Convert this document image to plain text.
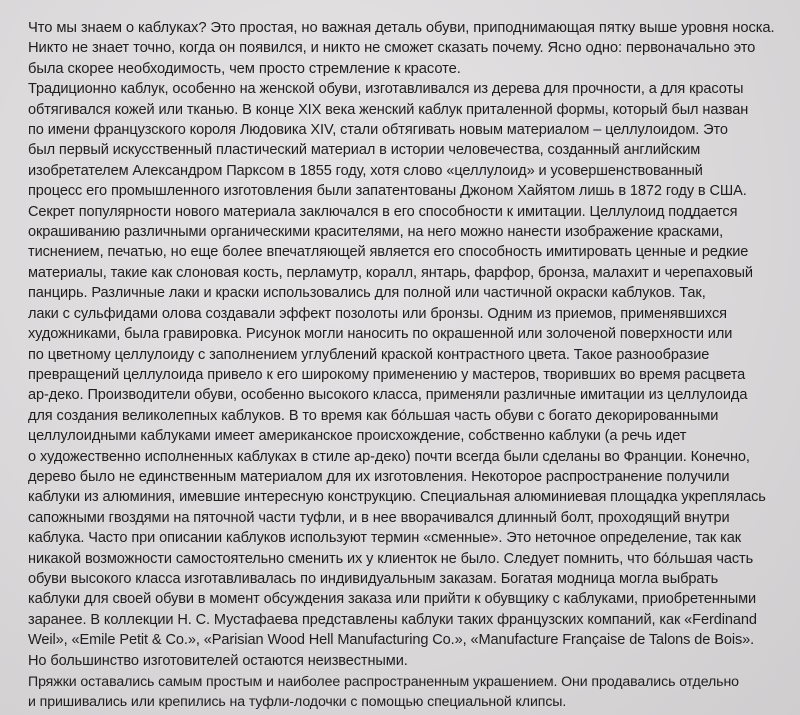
Что мы знаем о каблуках? Это простая, но важная деталь обуви, приподнимающая пятку выше уровня носка.
Никто не знает точно, когда он появился, и никто не сможет сказать почему. Ясно одно: первоначально это
была скорее необходимость, чем просто стремление к красоте.
Традиционно каблук, особенно на женской обуви, изготавливался из дерева для прочности, а для красоты
обтягивался кожей или тканью. В конце XIX века женский каблук приталенной формы, который был назван
по имени французского короля Людовика XIV, стали обтягивать новым материалом – целлулоидом. Это
был первый искусственный пластический материал в истории человечества, созданный английским
изобретателем Александром Парксом в 1855 году, хотя слово «целлулоид» и усовершенствованный
процесс его промышленного изготовления были запатентованы Джоном Хайятом лишь в 1872 году в США.
Секрет популярности нового материала заключался в его способности к имитации. Целлулоид поддается
окрашиванию различными органическими красителями, на него можно нанести изображение красками,
тиснением, печатью, но еще более впечатляющей является его способность имитировать ценные и редкие
материалы, такие как слоновая кость, перламутр, коралл, янтарь, фарфор, бронза, малахит и черепаховый
панцирь. Различные лаки и краски использовались для полной или частичной окраски каблуков. Так,
лаки с сульфидами олова создавали эффект позолоты или бронзы. Одним из приемов, применявшихся
художниками, была гравировка. Рисунок могли наносить по окрашенной или золоченой поверхности или
по цветному целлулоиду с заполнением углублений краской контрастного цвета. Такое разнообразие
превращений целлулоида привело к его широкому применению у мастеров, творивших во время расцвета
ар-деко. Производители обуви, особенно высокого класса, применяли различные имитации из целлулоида
для создания великолепных каблуков. В то время как бо́льшая часть обуви с богато декорированными
целлулоидными каблуками имеет американское происхождение, собственно каблуки (а речь идет
о художественно исполненных каблуках в стиле ар-деко) почти всегда были сделаны во Франции. Конечно,
дерево было не единственным материалом для их изготовления. Некоторое распространение получили
каблуки из алюминия, имевшие интересную конструкцию. Специальная алюминиевая площадка укреплялась
сапожными гвоздями на пяточной части туфли, и в нее вворачивался длинный болт, проходящий внутри
каблука. Часто при описании каблуков используют термин «сменные». Это неточное определение, так как
никакой возможности самостоятельно сменить их у клиенток не было. Следует помнить, что бо́льшая часть
обуви высокого класса изготавливалась по индивидуальным заказам. Богатая модница могла выбрать
каблуки для своей обуви в момент обсуждения заказа или прийти к обувщику с каблуками, приобретенными
заранее. В коллекции Н. С. Мустафаева представлены каблуки таких французских компаний, как «Ferdinand
Weil», «Emile Petit & Co.», «Parisian Wood Hell Manufacturing Co.», «Manufacture Française de Talons de Bois».
Но большинство изготовителей остаются неизвестными.
Пряжки оставались самым простым и наиболее распространенным украшением. Они продавались отдельно
и пришивались или крепились на туфли-лодочки с помощью специальной клипсы.
